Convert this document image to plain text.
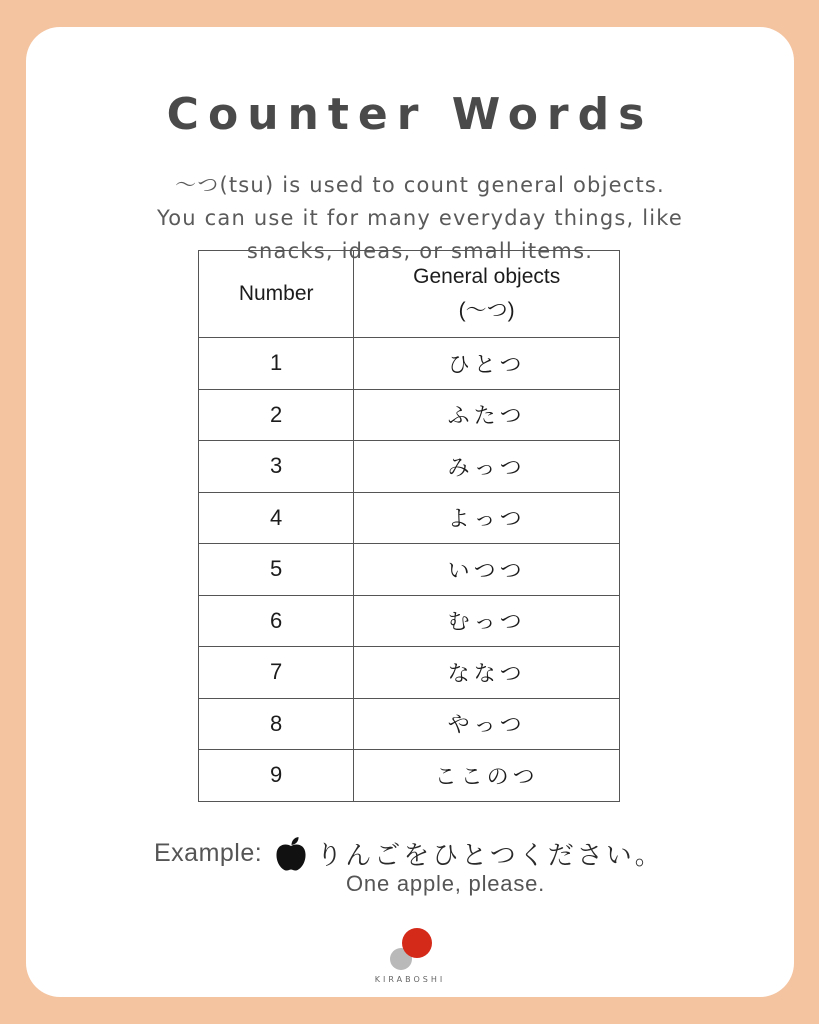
Counter Words
～つ(tsu) is used to count general objects.
You can use it for many everyday things, like
snacks, ideas, or small items.
Number	General objects
(～つ)

1	ひとつ
2	ふたつ
3	みっつ
4	よっつ
5	いつつ
6	むっつ
7	ななつ
8	やっつ
9	ここのつ
Example: りんごをひとつください。
One apple, please.
KIRABOSHI
